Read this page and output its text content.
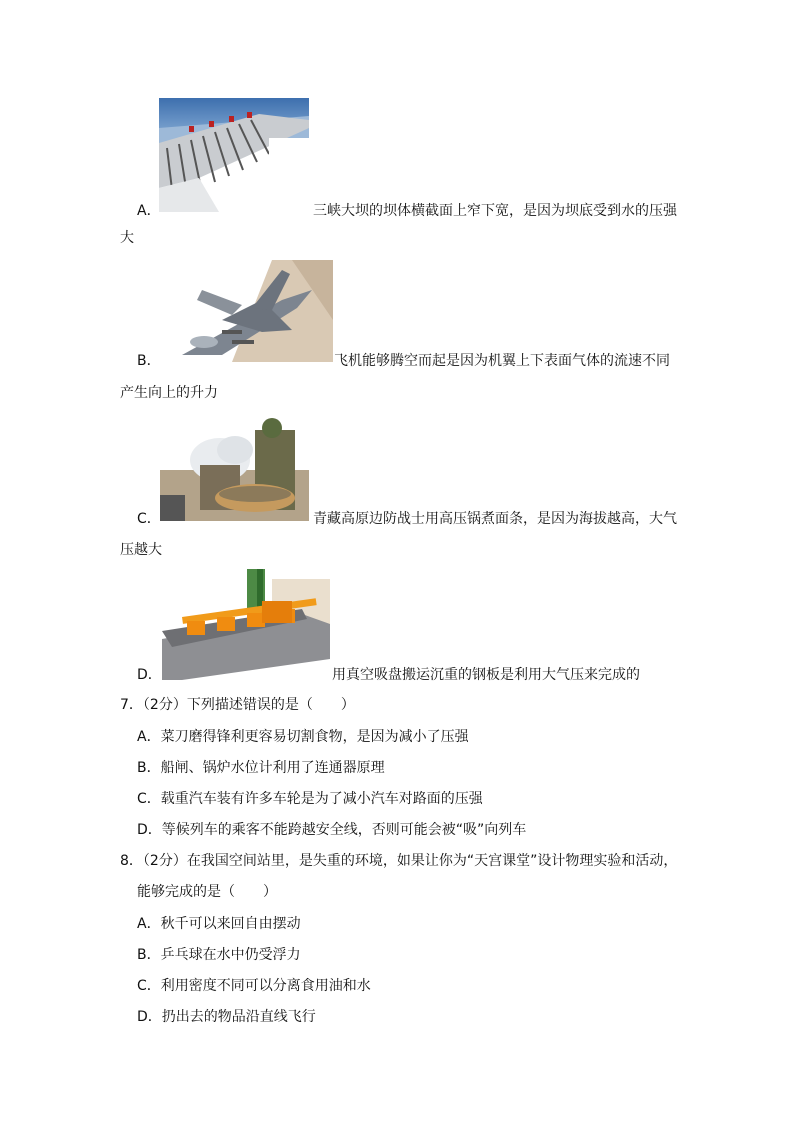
A．	三峡大坝的坝体横截面上窄下宽，是因为坝底受到水的压强
大
B．	飞机能够腾空而起是因为机翼上下表面气体的流速不同
产生向上的升力
C．	青藏高原边防战士用高压锅煮面条，是因为海拔越高，大气
压越大
D．	用真空吸盘搬运沉重的钢板是利用大气压来完成的
7．（2分）下列描述错误的是（　　）
A．菜刀磨得锋利更容易切割食物，是因为减小了压强
B．船闸、锅炉水位计利用了连通器原理
C．载重汽车装有许多车轮是为了减小汽车对路面的压强
D．等候列车的乘客不能跨越安全线，否则可能会被“吸”向列车
8．（2分）在我国空间站里，是失重的环境，如果让你为“天宫课堂”设计物理实验和活动，
能够完成的是（　　）
A．秋千可以来回自由摆动
B．乒乓球在水中仍受浮力
C．利用密度不同可以分离食用油和水
D．扔出去的物品沿直线飞行
